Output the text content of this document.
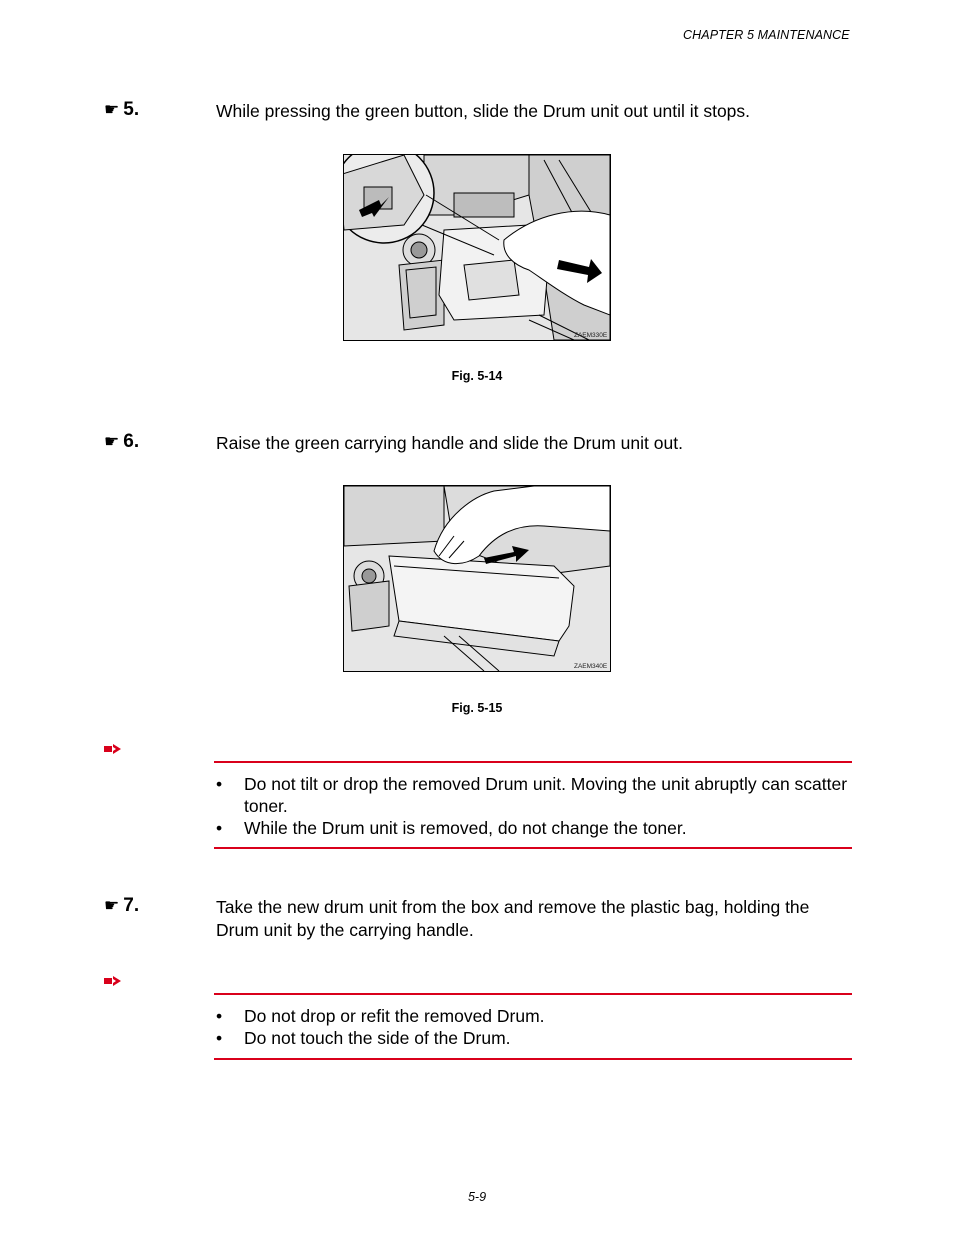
CHAPTER 5 MAINTENANCE
☛ 5.	While pressing the green button, slide the Drum unit out until it stops.
ZAEM330E
Fig. 5-14
☛ 6.	Raise the green carrying handle and slide the Drum unit out.
ZAEM340E
Fig. 5-15
• Do not tilt or drop the removed Drum unit. Moving the unit abruptly can scatter toner.
• While the Drum unit is removed, do not change the toner.
☛ 7.	Take the new drum unit from the box and remove the plastic bag, holding the Drum unit by the carrying handle.
• Do not drop or refit the removed Drum.
• Do not touch the side of the Drum.
5-9
